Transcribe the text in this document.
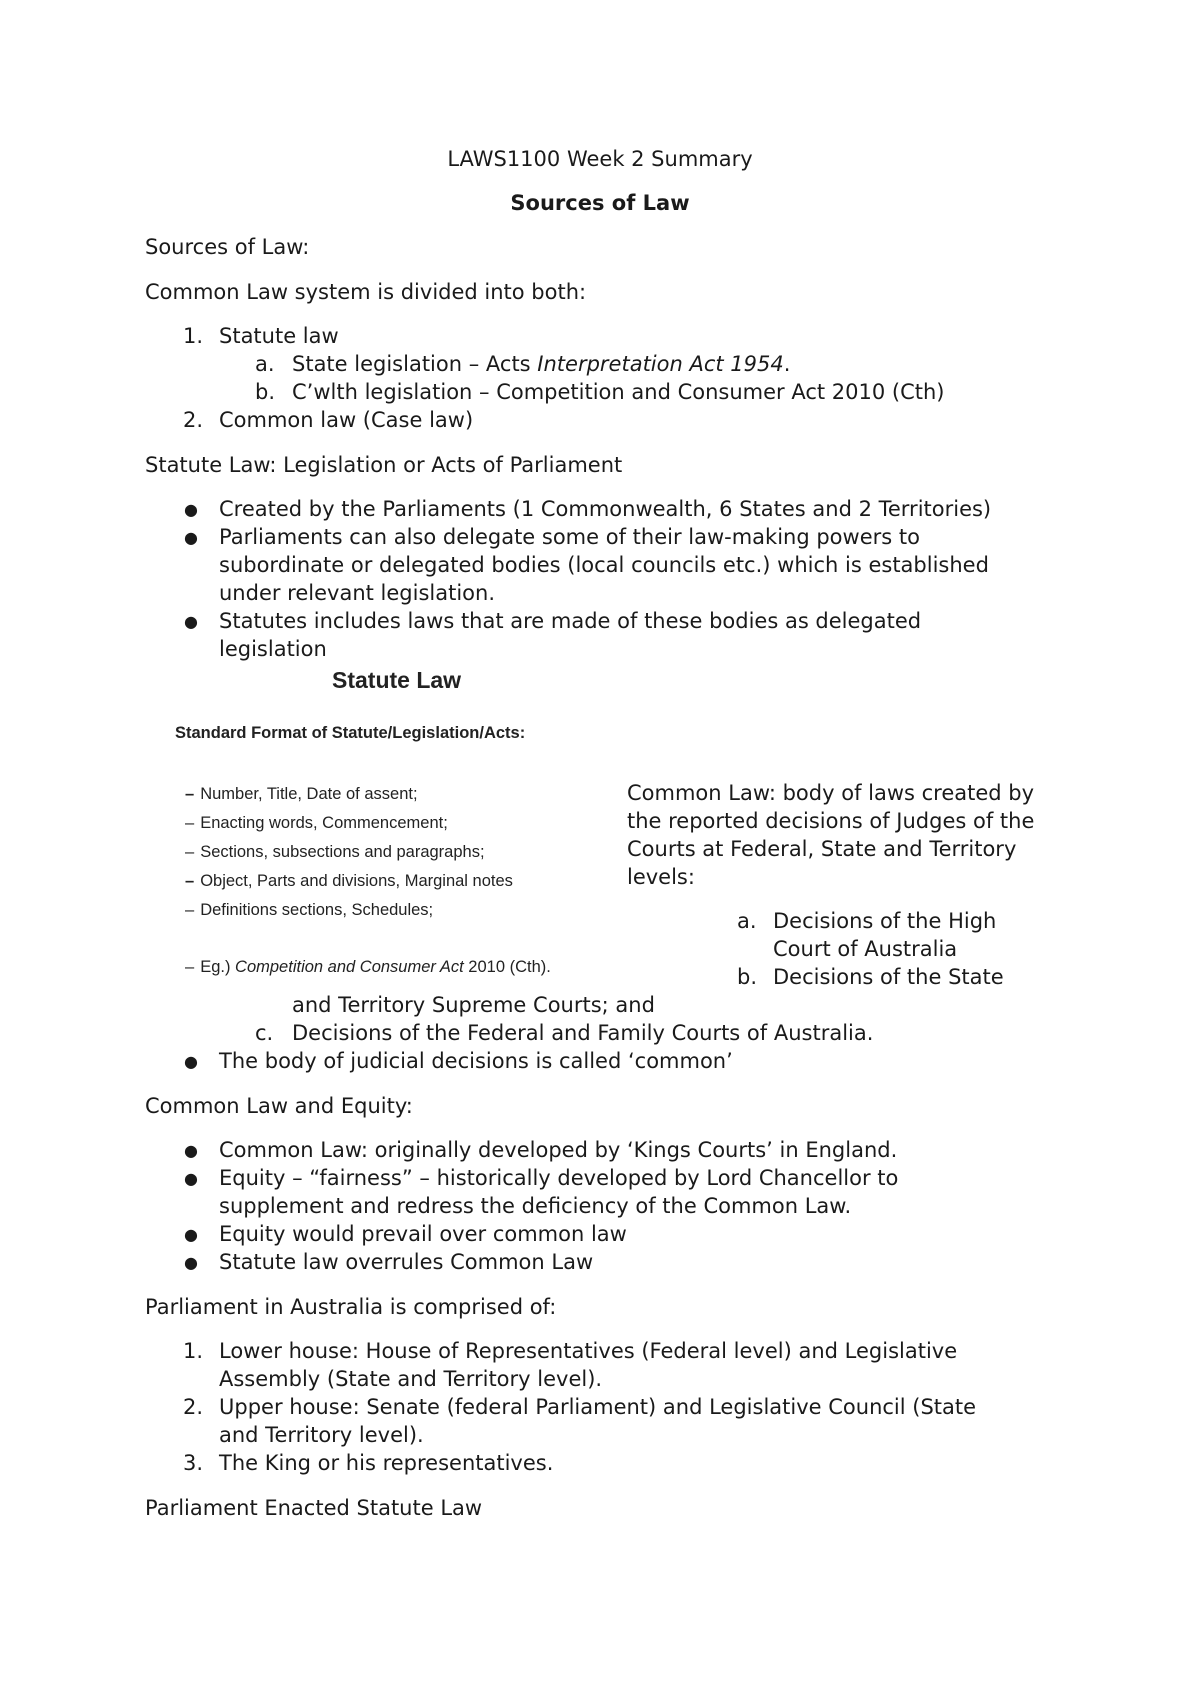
LAWS1100 Week 2 Summary
Sources of Law
Sources of Law:
Common Law system is divided into both:
1. Statute law
a. State legislation – Acts Interpretation Act 1954.
b. C’wlth legislation – Competition and Consumer Act 2010 (Cth)
2. Common law (Case law)
Statute Law: Legislation or Acts of Parliament
● Created by the Parliaments (1 Commonwealth, 6 States and 2 Territories)
● Parliaments can also delegate some of their law-making powers to
subordinate or delegated bodies (local councils etc.) which is established
under relevant legislation.
● Statutes includes laws that are made of these bodies as delegated
legislation
Statute Law
Standard Format of Statute/Legislation/Acts:
– Number, Title, Date of assent;
– Enacting words, Commencement;
– Sections, subsections and paragraphs;
– Object, Parts and divisions, Marginal notes
– Definitions sections, Schedules;
– Eg.) Competition and Consumer Act 2010 (Cth).
Common Law: body of laws created by
the reported decisions of Judges of the
Courts at Federal, State and Territory
levels:
a. Decisions of the High
Court of Australia
b. Decisions of the State
and Territory Supreme Courts; and
c. Decisions of the Federal and Family Courts of Australia.
● The body of judicial decisions is called ‘common’
Common Law and Equity:
● Common Law: originally developed by ‘Kings Courts’ in England.
● Equity – “fairness” – historically developed by Lord Chancellor to
supplement and redress the deficiency of the Common Law.
● Equity would prevail over common law
● Statute law overrules Common Law
Parliament in Australia is comprised of:
1. Lower house: House of Representatives (Federal level) and Legislative
Assembly (State and Territory level).
2. Upper house: Senate (federal Parliament) and Legislative Council (State
and Territory level).
3. The King or his representatives.
Parliament Enacted Statute Law
